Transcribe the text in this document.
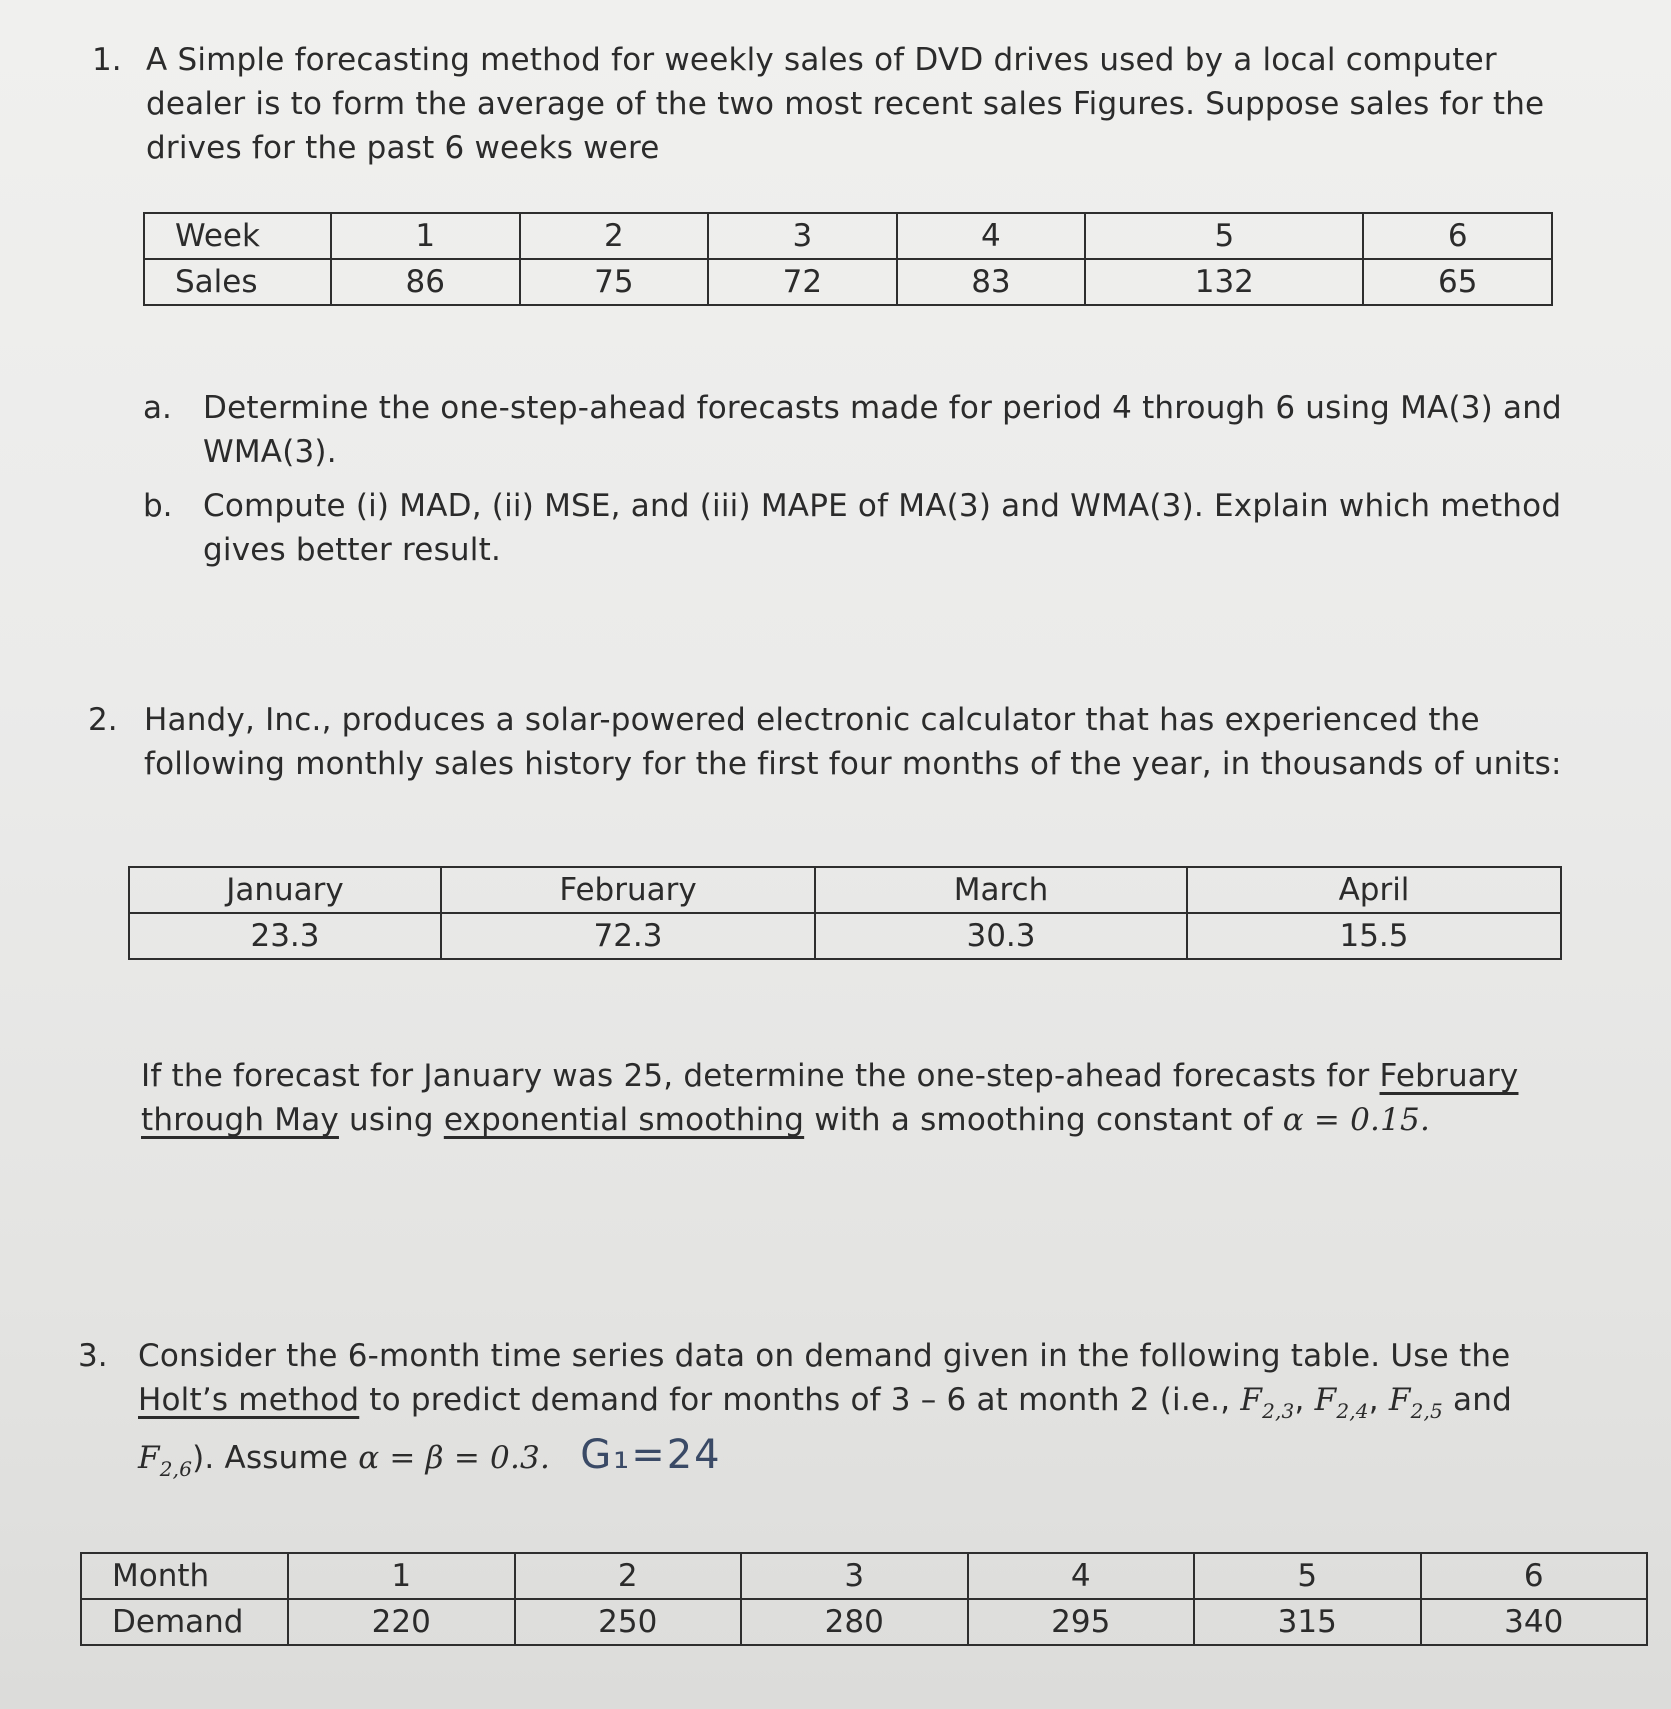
1. A Simple forecasting method for weekly sales of DVD drives used by a local computer dealer is to form the average of the two most recent sales Figures. Suppose sales for the drives for the past 6 weeks were

Week	1	2	3	4	5	6
Sales	86	75	72	83	132	65
a. Determine the one-step-ahead forecasts made for period 4 through 6 using MA(3) and WMA(3).
b. Compute (i) MAD, (ii) MSE, and (iii) MAPE of MA(3) and WMA(3). Explain which method gives better result.
2. Handy, Inc., produces a solar-powered electronic calculator that has experienced the following monthly sales history for the first four months of the year, in thousands of units:
January	February	March	April
23.3	72.3	30.3	15.5
If the forecast for January was 25, determine the one-step-ahead forecasts for February through May using exponential smoothing with a smoothing constant of α = 0.15.
3. Consider the 6-month time series data on demand given in the following table. Use the Holt’s method to predict demand for months of 3 – 6 at month 2 (i.e., $F_{2,3}$, $F_{2,4}$, $F_{2,5}$ and $F_{2,6}$). Assume α = β = 0.3. G₁=24
Month	1	2	3	4	5	6
Demand	220	250	280	295	315	340
